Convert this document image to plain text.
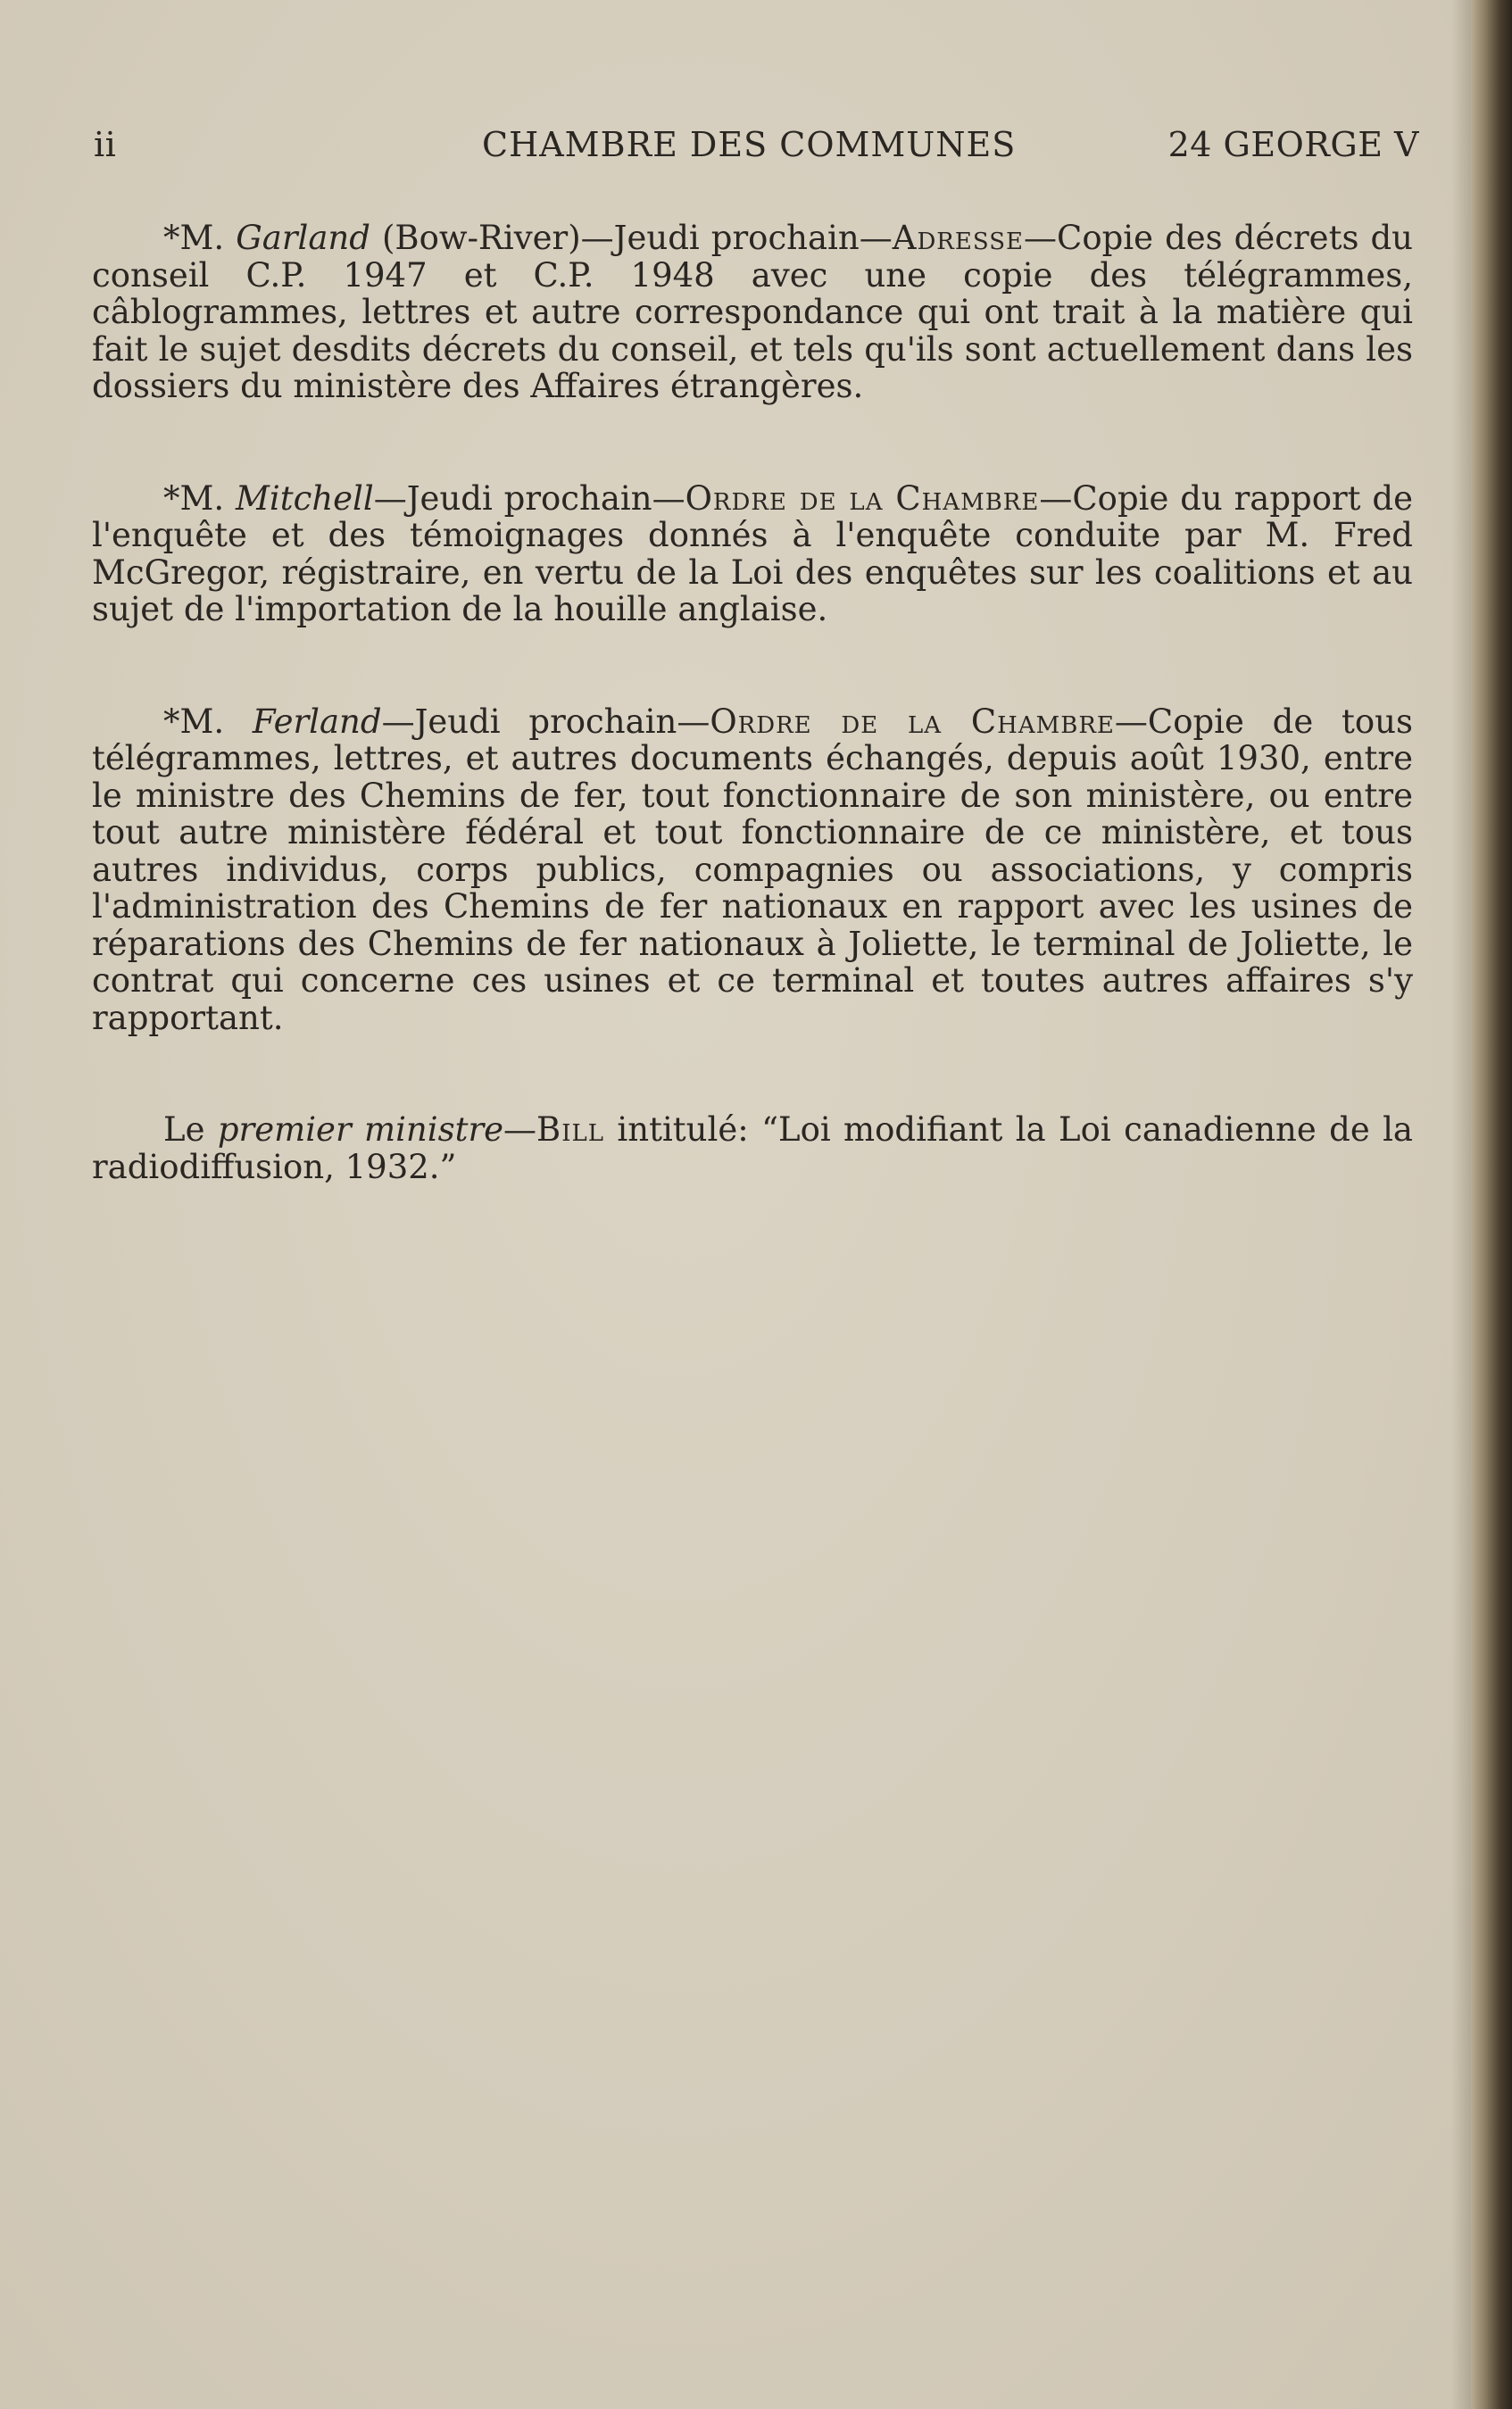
ii	CHAMBRE DES COMMUNES	24 GEORGE V

*M. Garland (Bow-River)—Jeudi prochain—Adresse—Copie des décrets du conseil C.P. 1947 et C.P. 1948 avec une copie des télégrammes, câblogrammes, lettres et autre correspondance qui ont trait à la matière qui fait le sujet desdits décrets du conseil, et tels qu'ils sont actuellement dans les dossiers du ministère des Affaires étrangères.

*M. Mitchell—Jeudi prochain—Ordre de la Chambre—Copie du rapport de l'enquête et des témoignages donnés à l'enquête conduite par M. Fred McGregor, régistraire, en vertu de la Loi des enquêtes sur les coalitions et au sujet de l'importation de la houille anglaise.

*M. Ferland—Jeudi prochain—Ordre de la Chambre—Copie de tous télégrammes, lettres, et autres documents échangés, depuis août 1930, entre le ministre des Chemins de fer, tout fonctionnaire de son ministère, ou entre tout autre ministère fédéral et tout fonctionnaire de ce ministère, et tous autres individus, corps publics, compagnies ou associations, y compris l'administration des Chemins de fer nationaux en rapport avec les usines de réparations des Chemins de fer nationaux à Joliette, le terminal de Joliette, le contrat qui concerne ces usines et ce terminal et toutes autres affaires s'y rapportant.

Le premier ministre—Bill intitulé: “Loi modifiant la Loi canadienne de la radiodiffusion, 1932.”
